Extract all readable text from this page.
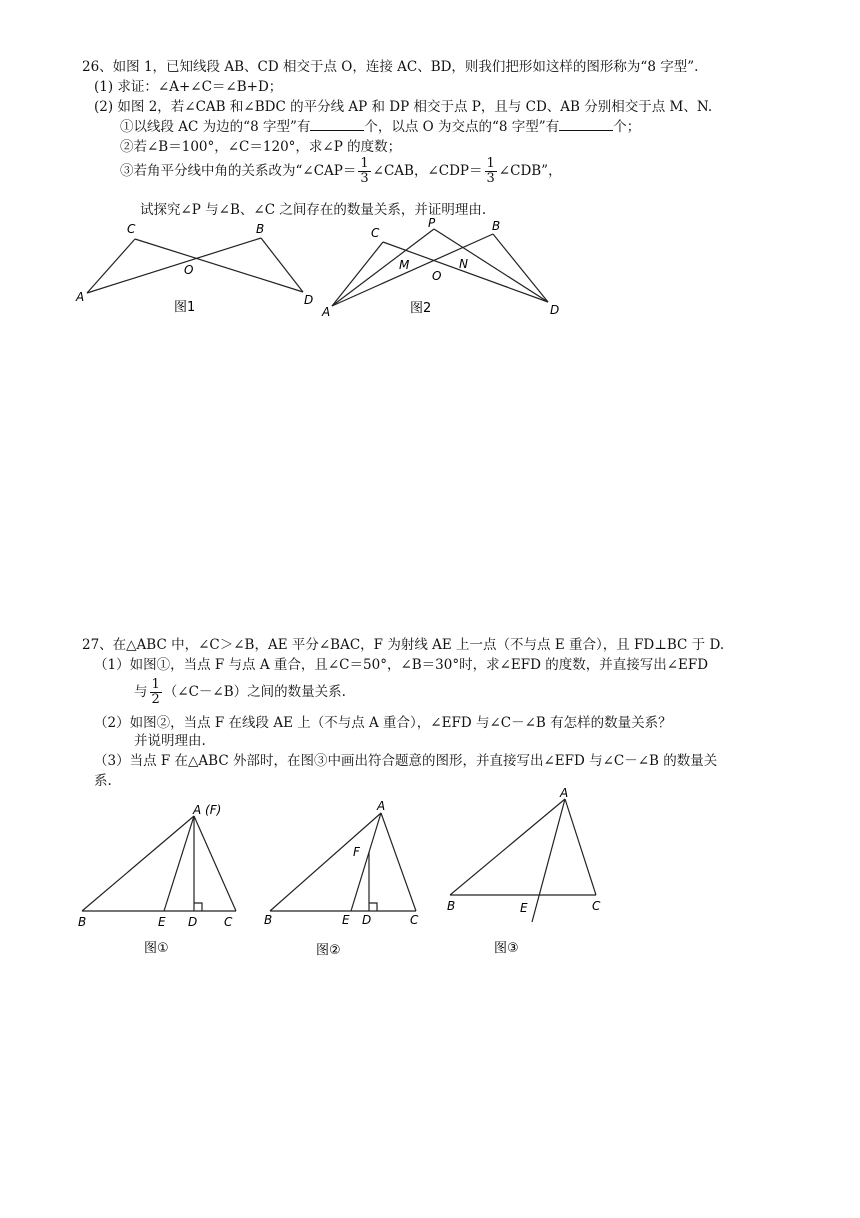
26、如图 1，已知线段 AB、CD 相交于点 O，连接 AC、BD，则我们把形如这样的图形称为“8 字型”.
(1) 求证：∠A+∠C＝∠B+D；
(2) 如图 2，若∠CAB 和∠BDC 的平分线 AP 和 DP 相交于点 P，且与 CD、AB 分别相交于点 M、N.
①以线段 AC 为边的“8 字型”有	个，以点 O 为交点的“8 字型”有	个；
②若∠B＝100°，∠C＝120°，求∠P 的度数；
③若角平分线中角的关系改为“∠CAP＝ $\frac{1}{3}$ ∠CAB，∠CDP＝ $\frac{1}{3}$ ∠CDB”，
试探究∠P 与∠B、∠C 之间存在的数量关系，并证明理由.
A
C	B
D
O
图1	A
C
P	B
D
M	N
O
图2
27、在△ABC 中，∠C＞∠B，AE 平分∠BAC，F 为射线 AE 上一点（不与点 E 重合），且 FD⊥BC 于 D.
（1）如图①，当点 F 与点 A 重合，且∠C＝50°，∠B＝30°时，求∠EFD 的度数，并直接写出∠EFD
与 $\frac{1}{2}$ （∠C－∠B）之间的数量关系.
（2）如图②，当点 F 在线段 AE 上（不与点 A 重合），∠EFD 与∠C－∠B 有怎样的数量关系？
并说明理由.
（3）当点 F 在△ABC 外部时，在图③中画出符合题意的图形，并直接写出∠EFD 与∠C－∠B 的数量关
系.
A (F)
B	E D C
图①
A
F
B	E D	C
图②
A
B	E	C
图③
